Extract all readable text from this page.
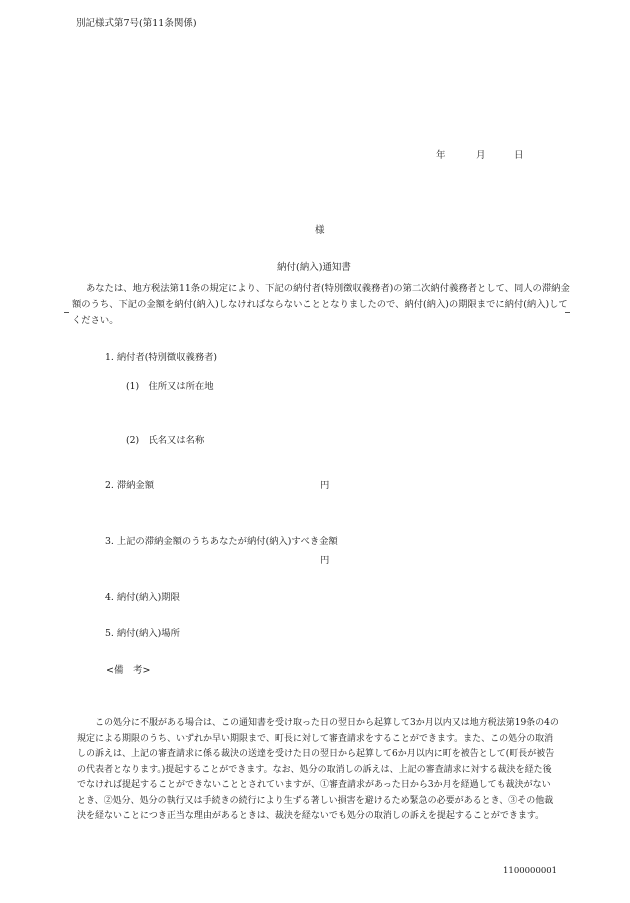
別記様式第7号(第11条関係)
年	月	日
様
納付(納入)通知書
あなたは、地方税法第11条の規定により、下記の納付者(特別徴収義務者)の第二次納付義務者として、同人の滞納金額のうち、下記の金額を納付(納入)しなければならないこととなりましたので、納付(納入)の期限までに納付(納入)してください。
1. 納付者(特別徴収義務者)
(1)　住所又は所在地
(2)　氏名又は名称
2. 滞納金額	円
3. 上記の滞納金額のうちあなたが納付(納入)すべき金額
円
4. 納付(納入)期限
5. 納付(納入)場所
<備　考>
この処分に不服がある場合は、この通知書を受け取った日の翌日から起算して3か月以内又は地方税法第19条の4の規定による期限のうち、いずれか早い期限まで、町長に対して審査請求をすることができます。また、この処分の取消しの訴えは、上記の審査請求に係る裁決の送達を受けた日の翌日から起算して6か月以内に町を被告として(町長が被告の代表者となります。)提起することができます。なお、処分の取消しの訴えは、上記の審査請求に対する裁決を経た後でなければ提起することができないこととされていますが、①審査請求があった日から3か月を経過しても裁決がないとき、②処分、処分の執行又は手続きの続行により生ずる著しい損害を避けるため緊急の必要があるとき、③その他裁決を経ないことにつき正当な理由があるときは、裁決を経ないでも処分の取消しの訴えを提起することができます。
1100000001
